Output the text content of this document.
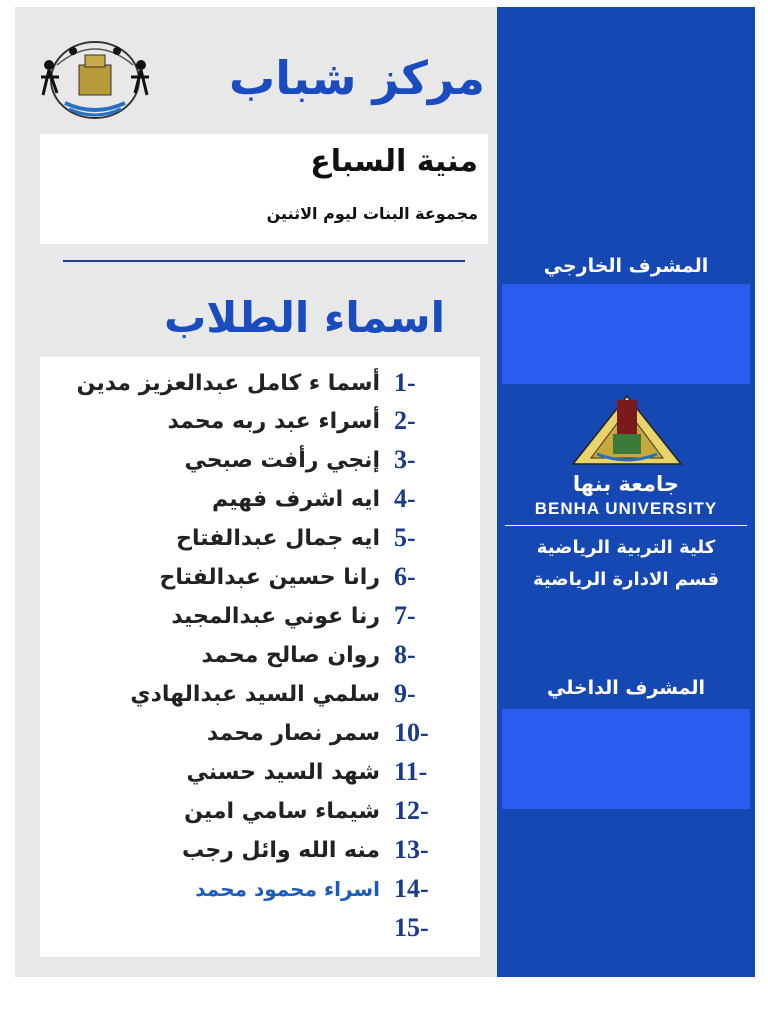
مركز شباب
منية السباع
مجموعة البنات ليوم الاثنين
اسماء الطلاب
أسما ء كامل عبدالعزيز مدين 1-
أسراء عبد ربه محمد 2-
إنجي رأفت صبحي 3-
ايه اشرف فهيم 4-
ايه جمال عبدالفتاح 5-
رانا حسين عبدالفتاح 6-
رنا عوني عبدالمجيد 7-
روان صالح محمد 8-
سلمي السيد عبدالهادي 9-
سمر نصار محمد 10-
شهد السيد حسني 11-
شيماء سامي امين 12-
منه الله وائل رجب 13-
اسراء محمود محمد 14-
15-
المشرف الخارجي
جامعة بنها
BENHA UNIVERSITY
كلية التربية الرياضية
قسم الادارة الرياضية
المشرف الداخلي
